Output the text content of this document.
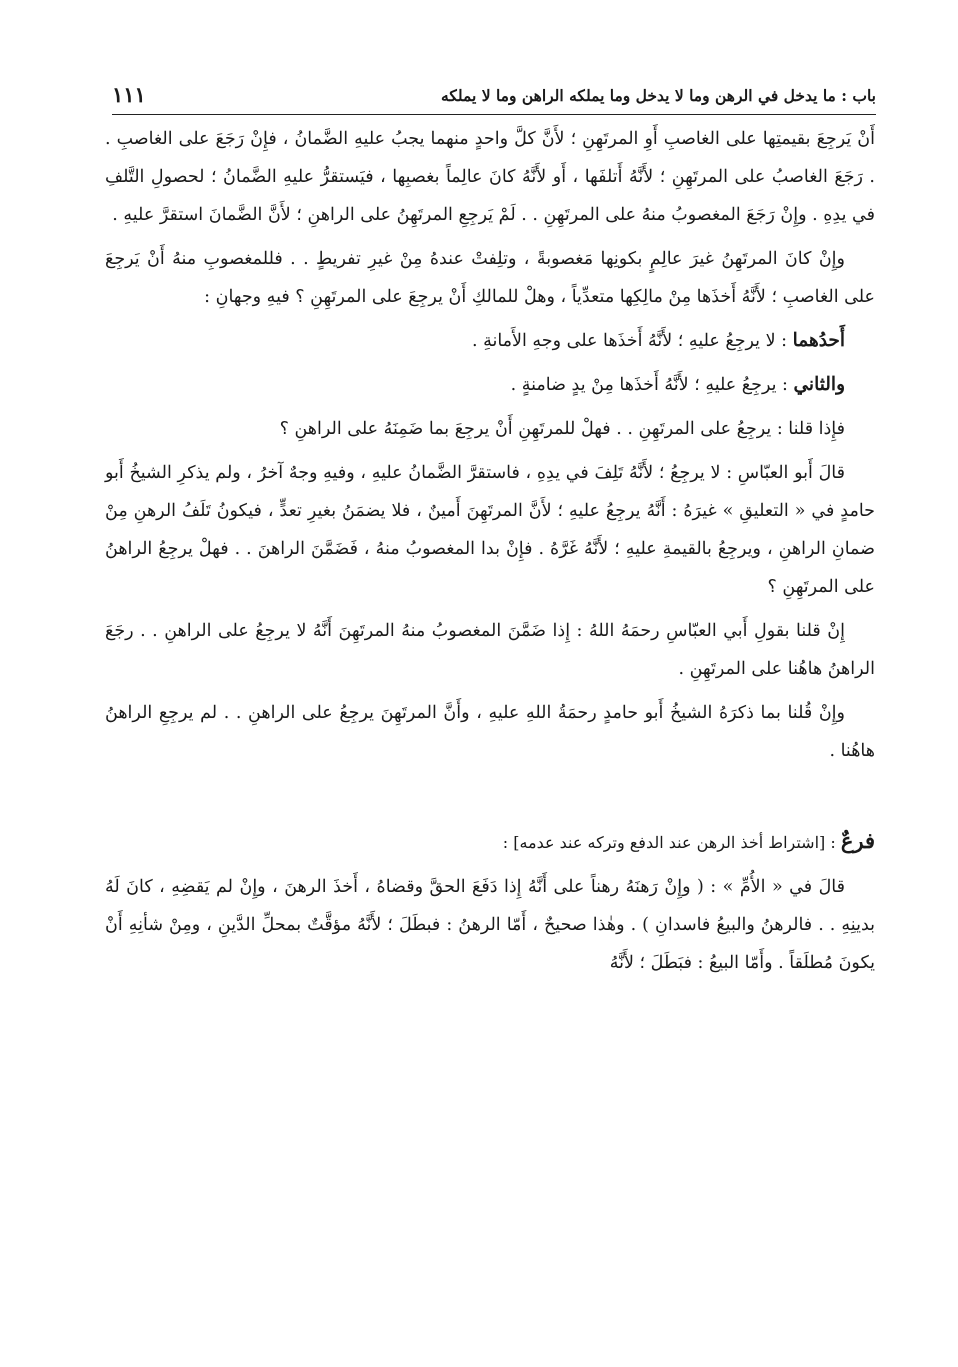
باب : ما يدخل في الرهن وما لا يدخل وما يملكه الراهن وما لا يملكه
١١١

أَنْ يَرجِعَ بقيمتِها على الغاصبِ أَوِ المرتَهِنِ ؛ لأَنَّ كلَّ واحدٍ منهما يجبُ عليهِ الضَّمانُ ، فإِنْ رَجَعَ على الغاصبِ . . رَجَعَ الغاصبُ على المرتَهِنِ ؛ لأَنَّهُ أَتلفَها ، أَو لأَنَّهُ كانَ عالِماً بغصبِها ، فيَستقرُّ عليهِ الضَّمانُ ؛ لحصولِ التَّلفِ في يدِهِ . وإِنْ رَجَعَ المغصوبُ منهُ على المرتَهِنِ . . لَمْ يَرجِعِ المرتَهِنُ على الراهنِ ؛ لأَنَّ الضَّمانَ استقرَّ عليهِ .

وإِنْ كانَ المرتَهِنُ غيرَ عالِمٍ بكونِها مَغصوبةً ، وتلِفتْ عندهُ مِنْ غيرِ تفريطٍ . . فللمغصوبِ منهُ أَنْ يَرجِعَ على الغاصبِ ؛ لأَنَّهُ أَخذَها مِنْ مالِكِها متعدِّياً ، وهلْ للمالكِ أَنْ يرجِعَ على المرتَهِنِ ؟ فيهِ وجهانِ :

أَحدُهما : لا يرجِعُ عليهِ ؛ لأَنَّهُ أَخذَها على وجهِ الأَمانةِ .

والثاني : يرجِعُ عليهِ ؛ لأَنَّهُ أَخذَها مِنْ يدٍ ضامنةٍ .

فإِذا قلنا : يرجِعُ على المرتَهِنِ . . فهلْ للمرتَهِنِ أَنْ يرجِعَ بما ضَمِنَهُ على الراهنِ ؟

قالَ أَبو العبّاسِ : لا يرجِعُ ؛ لأَنَّهُ تَلِفَ في يدِهِ ، فاستقرَّ الضَّمانُ عليهِ ، وفيهِ وجهٌ آخرُ ، ولم يذكرِ الشيخُ أَبو حامدٍ في « التعليقِ » غيرَهُ : أَنَّهُ يرجِعُ عليهِ ؛ لأَنَّ المرتَهِنَ أَمينٌ ، فلا يضمَنُ بغيرِ تعدٍّ ، فيكونُ تَلَفُ الرهنِ مِنْ ضمانِ الراهنِ ، ويرجِعُ بالقيمةِ عليهِ ؛ لأَنَّهُ غَرَّهُ . فإِنْ بدا المغصوبُ منهُ ، فَضَمَّنَ الراهنَ . . فهلْ يرجِعُ الراهنُ على المرتَهِنِ ؟

إِنْ قلنا بقولِ أَبي العبّاسِ رحمَهُ اللهُ : إِذا ضَمَّنَ المغصوبُ منهُ المرتَهِنَ أَنَّهُ لا يرجِعُ على الراهنِ . . رجَعَ الراهنُ هاهُنا على المرتَهِنِ .

وإِنْ قُلنا بما ذكرَهُ الشيخُ أَبو حامدٍ رحمَةُ اللهِ عليهِ ، وأَنَّ المرتَهِنَ يرجِعُ على الراهنِ . . لم يرجِعِ الراهنُ هاهُنا .

فرعٌ : [اشتراط أخذ الرهن عند الدفع وتركه عند عدمه] :

قالَ في « الأُمِّ » : ( وإِنْ رَهنَهُ رهناً على أَنَّهُ إِذا دَفَعَ الحقَّ وقضاهُ ، أَخذَ الرهنَ ، وإِنْ لم يَقضِهِ ، كانَ لَهُ بدينِهِ . . فالرهنُ والبيعُ فاسدانِ ) . وهٰذا صحيحٌ ، أَمّا الرهنُ : فبطَلَ ؛ لأَنَّهُ مؤقَّتٌ بمحلِّ الدَّينِ ، ومِنْ شأنِهِ أَنْ يكونَ مُطلَقاً . وأَمّا البيعُ : فبَطَلَ ؛ لأَنَّهُ
